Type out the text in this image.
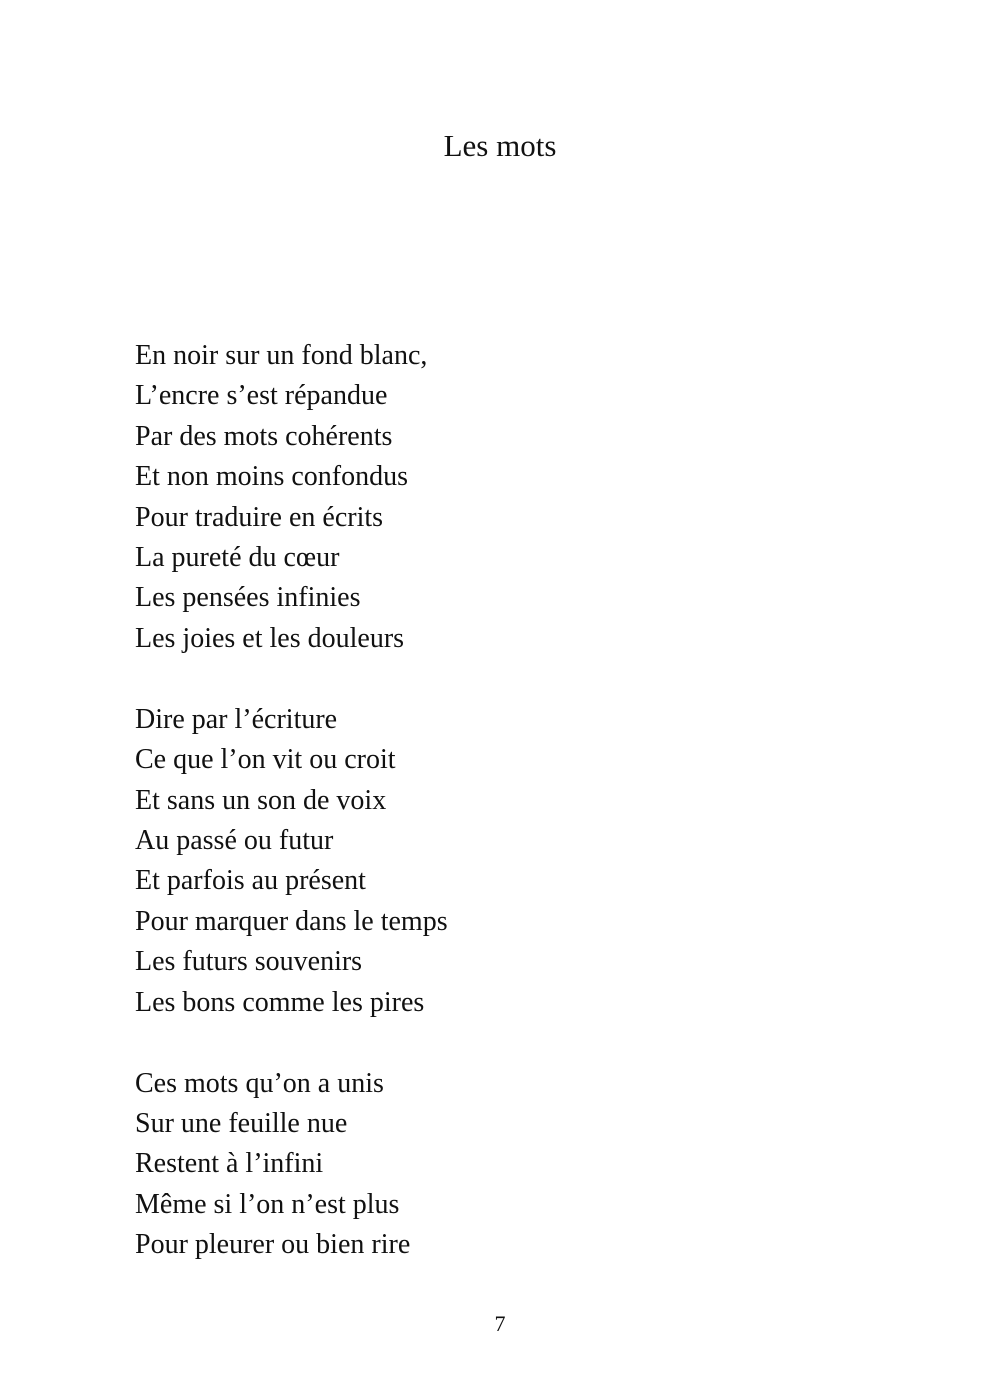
Les mots
En noir sur un fond blanc,
L’encre s’est répandue
Par des mots cohérents
Et non moins confondus
Pour traduire en écrits
La pureté du cœur
Les pensées infinies
Les joies et les douleurs
Dire par l’écriture
Ce que l’on vit ou croit
Et sans un son de voix
Au passé ou futur
Et parfois au présent
Pour marquer dans le temps
Les futurs souvenirs
Les bons comme les pires
Ces mots qu’on a unis
Sur une feuille nue
Restent à l’infini
Même si l’on n’est plus
Pour pleurer ou bien rire
7
